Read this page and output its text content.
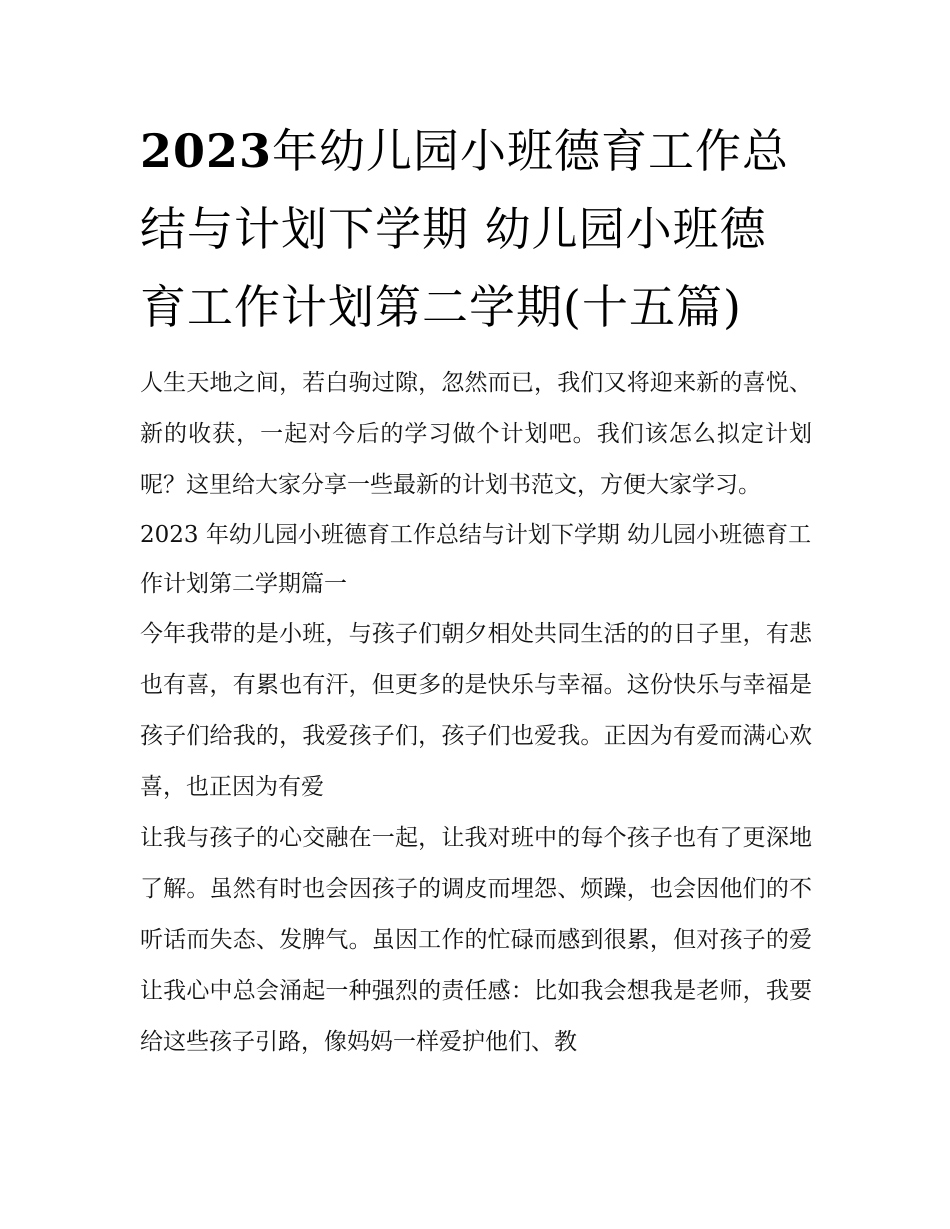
2023年幼儿园小班德育工作总结与计划下学期 幼儿园小班德育工作计划第二学期(十五篇)

人生天地之间，若白驹过隙，忽然而已，我们又将迎来新的喜悦、新的收获，一起对今后的学习做个计划吧。我们该怎么拟定计划呢？这里给大家分享一些最新的计划书范文，方便大家学习。

2023 年幼儿园小班德育工作总结与计划下学期 幼儿园小班德育工作计划第二学期篇一

今年我带的是小班，与孩子们朝夕相处共同生活的的日子里，有悲也有喜，有累也有汗，但更多的是快乐与幸福。这份快乐与幸福是孩子们给我的，我爱孩子们，孩子们也爱我。正因为有爱而满心欢喜，也正因为有爱

让我与孩子的心交融在一起，让我对班中的每个孩子也有了更深地了解。虽然有时也会因孩子的调皮而埋怨、烦躁，也会因他们的不听话而失态、发脾气。虽因工作的忙碌而感到很累，但对孩子的爱让我心中总会涌起一种强烈的责任感：比如我会想我是老师，我要给这些孩子引路，像妈妈一样爱护他们、教
